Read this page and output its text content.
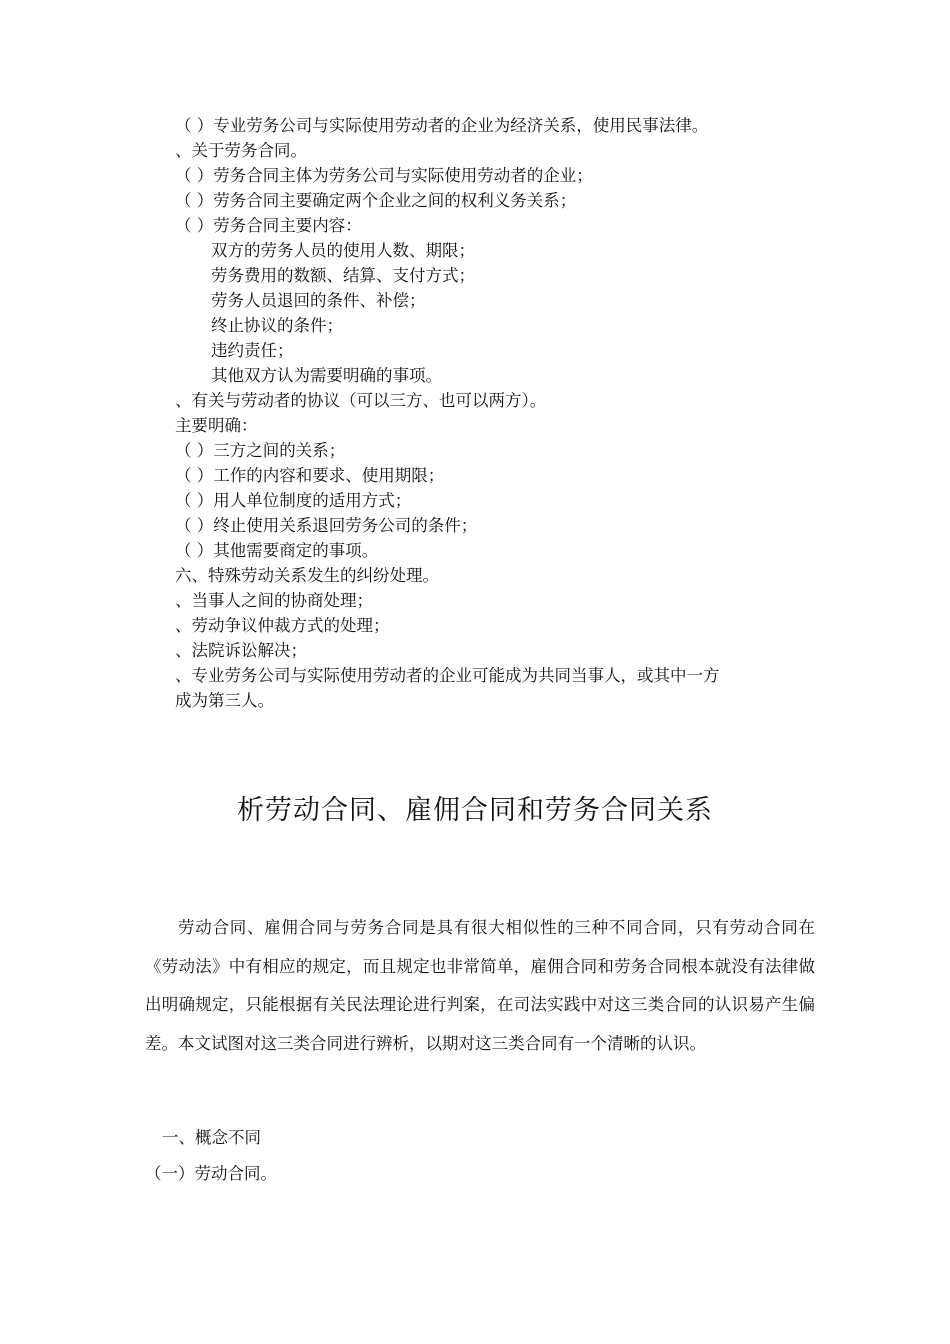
（ ）专业劳务公司与实际使用劳动者的企业为经济关系，使用民事法律。
、关于劳务合同。
（ ）劳务合同主体为劳务公司与实际使用劳动者的企业；
（ ）劳务合同主要确定两个企业之间的权利义务关系；
（ ）劳务合同主要内容：
双方的劳务人员的使用人数、期限；
劳务费用的数额、结算、支付方式；
劳务人员退回的条件、补偿；
终止协议的条件；
违约责任；
其他双方认为需要明确的事项。
、有关与劳动者的协议（可以三方、也可以两方）。
主要明确：
（ ）三方之间的关系；
（ ）工作的内容和要求、使用期限；
（ ）用人单位制度的适用方式；
（ ）终止使用关系退回劳务公司的条件；
（ ）其他需要商定的事项。
六、特殊劳动关系发生的纠纷处理。
、当事人之间的协商处理；
、劳动争议仲裁方式的处理；
、法院诉讼解决；
、专业劳务公司与实际使用劳动者的企业可能成为共同当事人，或其中一方
成为第三人。
析劳动合同、雇佣合同和劳务合同关系
劳动合同、雇佣合同与劳务合同是具有很大相似性的三种不同合同，只有劳动合同在《劳动法》中有相应的规定，而且规定也非常简单，雇佣合同和劳务合同根本就没有法律做出明确规定，只能根据有关民法理论进行判案，在司法实践中对这三类合同的认识易产生偏差。本文试图对这三类合同进行辨析，以期对这三类合同有一个清晰的认识。
一、概念不同
（一）劳动合同。
